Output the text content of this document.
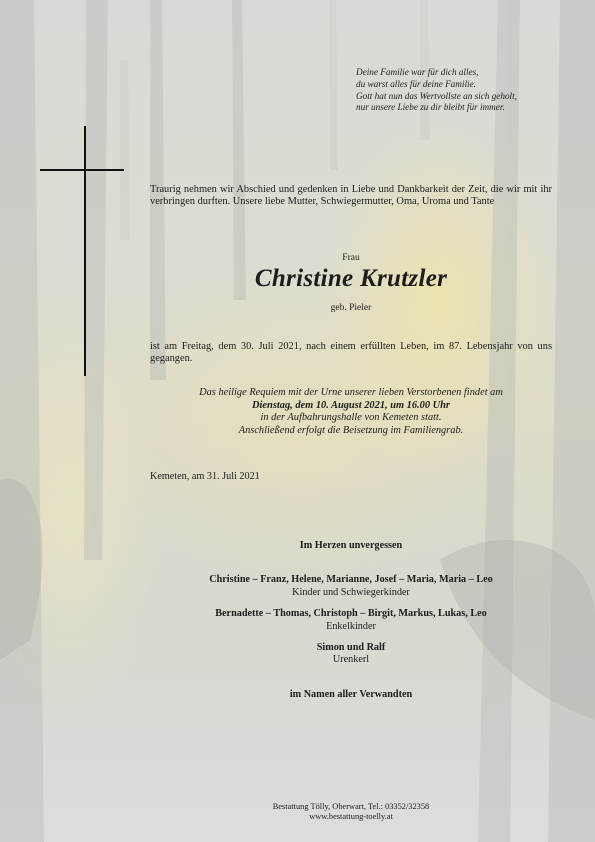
Deine Familie war für dich alles,
du warst alles für deine Familie.
Gott hat nun das Wertvollste an sich geholt,
nur unsere Liebe zu dir bleibt für immer.
Traurig nehmen wir Abschied und gedenken in Liebe und Dankbarkeit der Zeit, die wir mit ihr verbringen durften. Unsere liebe Mutter, Schwiegermutter, Oma, Uroma und Tante
Frau
Christine Krutzler
geb. Pieler
ist am Freitag, dem 30. Juli 2021, nach einem erfüllten Leben, im 87. Lebensjahr von uns gegangen.
Das heilige Requiem mit der Urne unserer lieben Verstorbenen findet am
Dienstag, dem 10. August 2021, um 16.00 Uhr
in der Aufbahrungshalle von Kemeten statt.
Anschließend erfolgt die Beisetzung im Familiengrab.
Kemeten, am 31. Juli 2021
Im Herzen unvergessen
Christine – Franz, Helene, Marianne, Josef – Maria, Maria – Leo
Kinder und Schwiegerkinder
Bernadette – Thomas, Christoph – Birgit, Markus, Lukas, Leo
Enkelkinder
Simon und Ralf
Urenkerl
im Namen aller Verwandten
Bestattung Tölly, Oberwart, Tel.: 03352/32358
www.bestattung-toelly.at
